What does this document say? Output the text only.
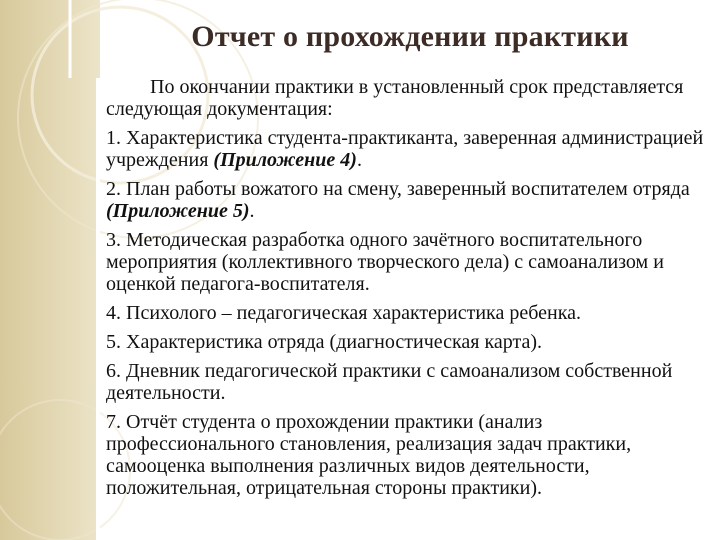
Отчет о прохождении практики

По окончании практики в установленный срок представляется следующая документация:

1. Характеристика студента-практиканта, заверенная администрацией учреждения (Приложение 4).

2. План работы вожатого на смену, заверенный воспитателем отряда (Приложение 5).

3. Методическая разработка одного зачётного воспитательного мероприятия (коллективного творческого дела) с самоанализом и оценкой педагога-воспитателя.

4. Психолого – педагогическая характеристика ребенка.

5. Характеристика отряда (диагностическая карта).

6. Дневник педагогической практики с самоанализом собственной деятельности.

7. Отчёт студента о прохождении практики (анализ профессионального становления, реализация задач практики, самооценка выполнения различных видов деятельности, положительная, отрицательная стороны практики).
